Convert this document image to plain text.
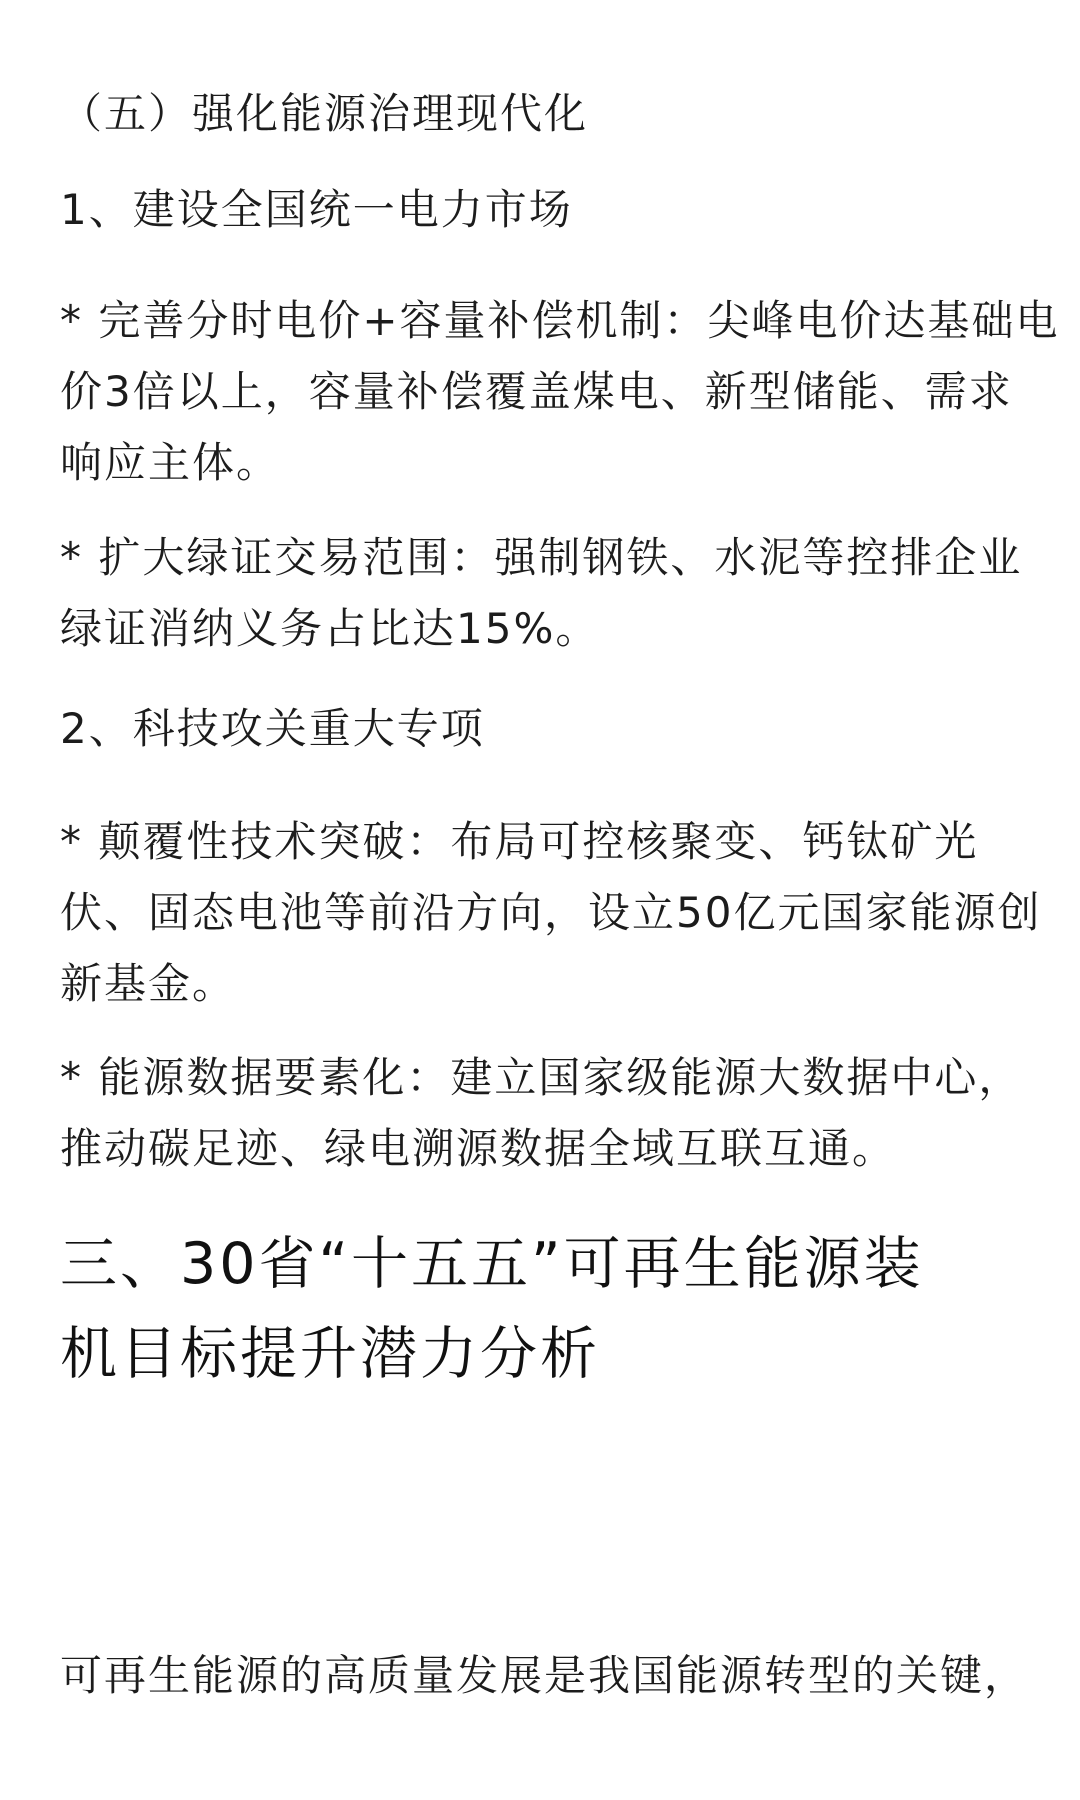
（五）强化能源治理现代化

1、建设全国统一电力市场

* 完善分时电价+容量补偿机制：尖峰电价达基础电
价3倍以上，容量补偿覆盖煤电、新型储能、需求
响应主体。

* 扩大绿证交易范围：强制钢铁、水泥等控排企业
绿证消纳义务占比达15%。

2、科技攻关重大专项

* 颠覆性技术突破：布局可控核聚变、钙钛矿光
伏、固态电池等前沿方向，设立50亿元国家能源创
新基金。

* 能源数据要素化：建立国家级能源大数据中心，
推动碳足迹、绿电溯源数据全域互联互通。

三、30省“十五五”可再生能源装
机目标提升潜力分析

可再生能源的高质量发展是我国能源转型的关键，
